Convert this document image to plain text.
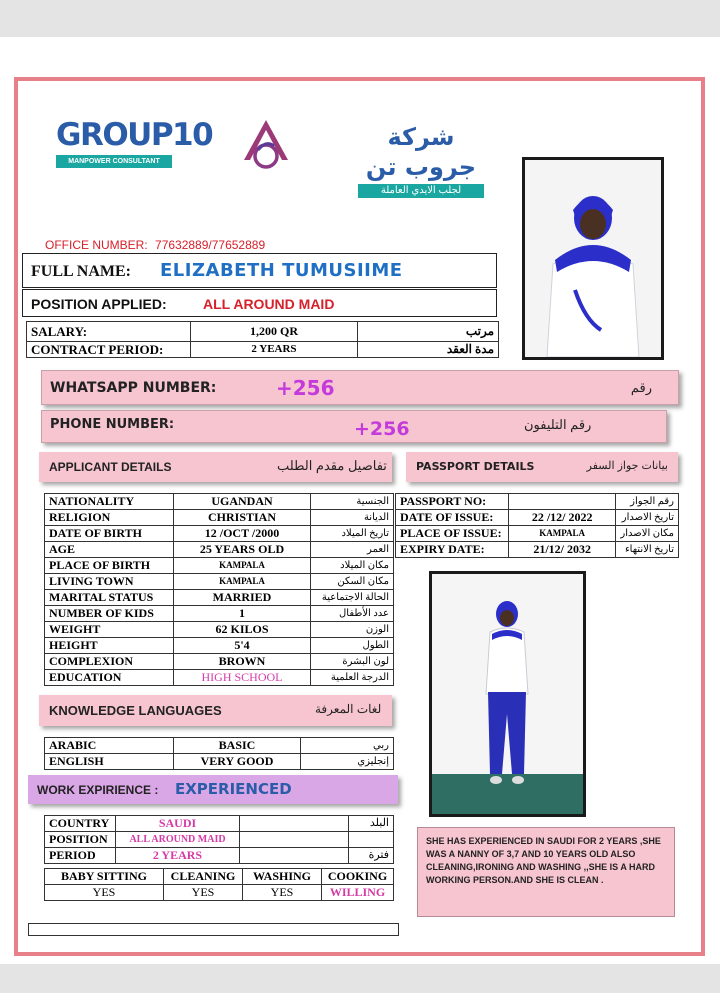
GROUP10
MANPOWER CONSULTANT
شركة جروب تن
لجلب الايدي العاملة
OFFICE NUMBER: 77632889/77652889
FULL NAME: ELIZABETH TUMUSIIME
POSITION APPLIED:	ALL AROUND MAID
SALARY:	1,200 QR	مرتب
CONTRACT PERIOD:	2 YEARS	مدة العقد
WHATSAPP NUMBER:	+256	رقم
PHONE NUMBER:	+256	رقم التليفون
APPLICANT DETAILS	تفاصيل مقدم الطلب	PASSPORT DETAILS	بيانات جواز السفر
NATIONALITY	UGANDAN	الجنسية
RELIGION	CHRISTIAN	الديانة
DATE OF BIRTH	12 /OCT /2000	تاريخ الميلاد
AGE	25 YEARS OLD	العمر
PLACE OF BIRTH	KAMPALA	مكان الميلاد
LIVING TOWN	KAMPALA	مكان السكن
MARITAL STATUS	MARRIED	الحالة الاجتماعية
NUMBER OF KIDS	1	عدد الأطفال
WEIGHT	62 KILOS	الوزن
HEIGHT	5'4	الطول
COMPLEXION	BROWN	لون البشرة
EDUCATION	HIGH SCHOOL	الدرجة العلمية
PASSPORT NO:		رقم الجواز
DATE OF ISSUE:	22 /12/ 2022	تاريخ الاصدار
PLACE OF ISSUE:	KAMPALA	مكان الاصدار
EXPIRY DATE:	21/12/ 2032	تاريخ الانتهاء
KNOWLEDGE LANGUAGES	لغات المعرفة
ARABIC	BASIC	ربي
ENGLISH	VERY GOOD	إنجليزي
WORK EXPIRIENCE : EXPERIENCED
COUNTRY	SAUDI		البلد
POSITION	ALL AROUND MAID		
PERIOD	2 YEARS		فترة
BABY SITTING	CLEANING	WASHING	COOKING
YES	YES	YES	WILLING
SHE HAS EXPERIENCED IN SAUDI FOR 2 YEARS ,SHE WAS A NANNY OF 3,7 AND 10 YEARS OLD ALSO CLEANING,IRONING AND WASHING ,,SHE IS A HARD WORKING PERSON.AND SHE IS CLEAN .
